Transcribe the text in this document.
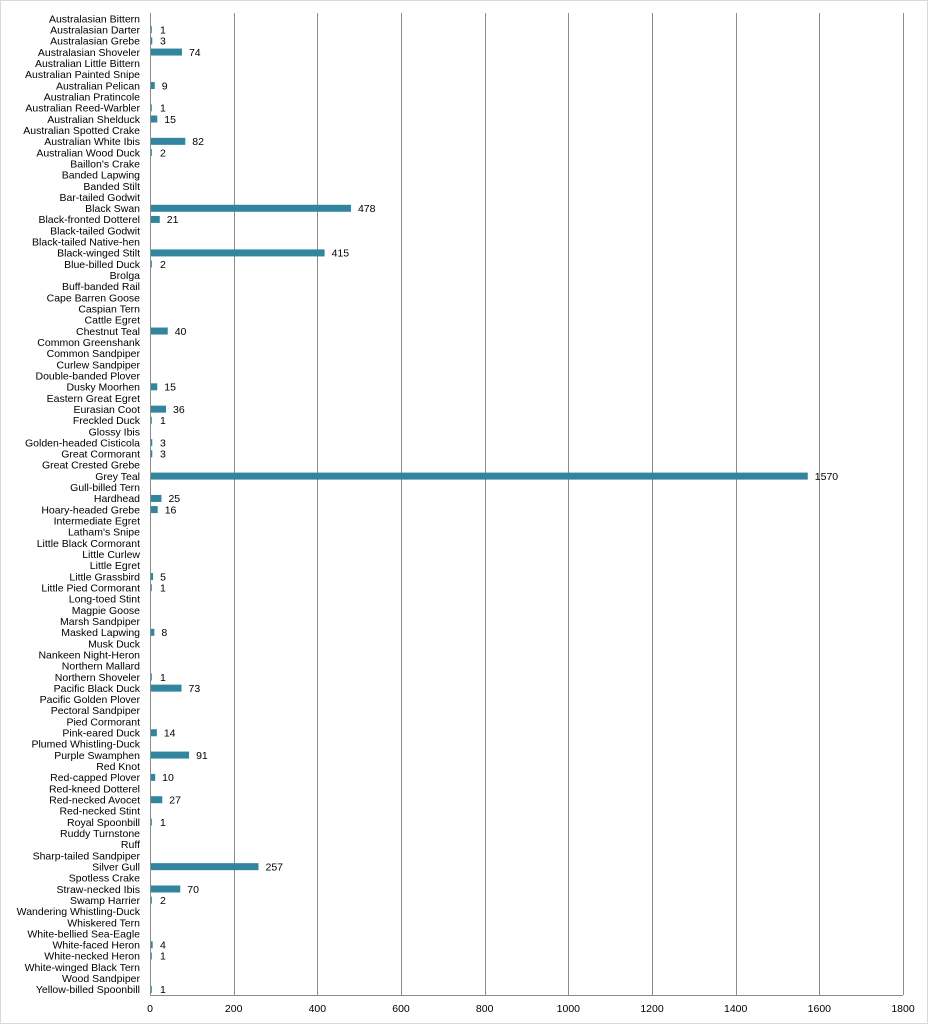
Australasian Bittern
Australasian Darter
Australasian Grebe
Australasian Shoveler
Australian Little Bittern
Australian Painted Snipe
Australian Pelican
Australian Pratincole
Australian Reed-Warbler
Australian Shelduck
Australian Spotted Crake
Australian White Ibis
Australian Wood Duck
Baillon's Crake
Banded Lapwing
Banded Stilt
Bar-tailed Godwit
Black Swan
Black-fronted Dotterel
Black-tailed Godwit
Black-tailed Native-hen
Black-winged Stilt
Blue-billed Duck
Brolga
Buff-banded Rail
Cape Barren Goose
Caspian Tern
Cattle Egret
Chestnut Teal
Common Greenshank
Common Sandpiper
Curlew Sandpiper
Double-banded Plover
Dusky Moorhen
Eastern Great Egret
Eurasian Coot
Freckled Duck
Glossy Ibis
Golden-headed Cisticola
Great Cormorant
Great Crested Grebe
Grey Teal
Gull-billed Tern
Hardhead
Hoary-headed Grebe
Intermediate Egret
Latham's Snipe
Little Black Cormorant
Little Curlew
Little Egret
Little Grassbird
Little Pied Cormorant
Long-toed Stint
Magpie Goose
Marsh Sandpiper
Masked Lapwing
Musk Duck
Nankeen Night-Heron
Northern Mallard
Northern Shoveler
Pacific Black Duck
Pacific Golden Plover
Pectoral Sandpiper
Pied Cormorant
Pink-eared Duck
Plumed Whistling-Duck
Purple Swamphen
Red Knot
Red-capped Plover
Red-kneed Dotterel
Red-necked Avocet
Red-necked Stint
Royal Spoonbill
Ruddy Turnstone
Ruff
Sharp-tailed Sandpiper
Silver Gull
Spotless Crake
Straw-necked Ibis
Swamp Harrier
Wandering Whistling-Duck
Whiskered Tern
White-bellied Sea-Eagle
White-faced Heron
White-necked Heron
White-winged Black Tern
Wood Sandpiper
Yellow-billed Spoonbill
1
3
74
9
1
15
82
2
478
21
415
2
40
15
36
1
3
3
1570
25
16
5
1
8
1
73
14
91
10
27
1
257
70
2
4
1
1
0	200	400	600	800	1000	1200	1400	1600	1800
